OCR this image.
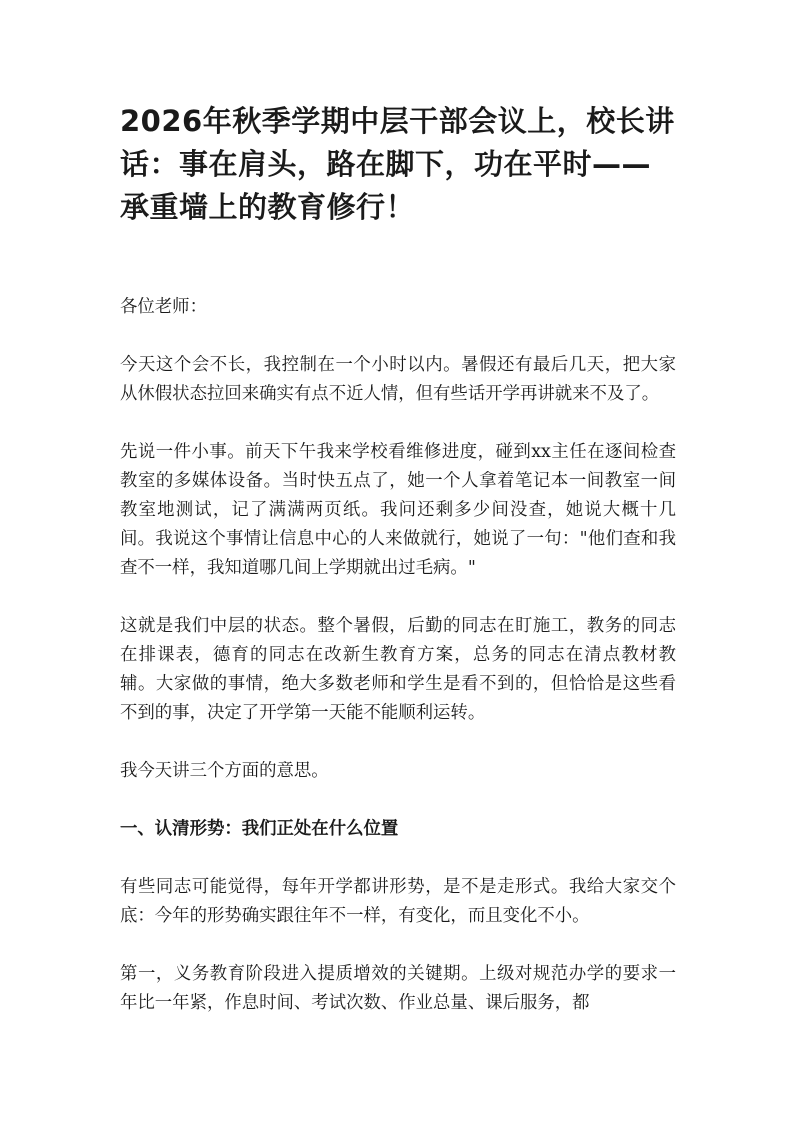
2026年秋季学期中层干部会议上，校长讲话：事在肩头，路在脚下，功在平时——承重墙上的教育修行！

各位老师：

今天这个会不长，我控制在一个小时以内。暑假还有最后几天，把大家从休假状态拉回来确实有点不近人情，但有些话开学再讲就来不及了。

先说一件小事。前天下午我来学校看维修进度，碰到xx主任在逐间检查教室的多媒体设备。当时快五点了，她一个人拿着笔记本一间教室一间教室地测试，记了满满两页纸。我问还剩多少间没查，她说大概十几间。我说这个事情让信息中心的人来做就行，她说了一句："他们查和我查不一样，我知道哪几间上学期就出过毛病。"

这就是我们中层的状态。整个暑假，后勤的同志在盯施工，教务的同志在排课表，德育的同志在改新生教育方案，总务的同志在清点教材教辅。大家做的事情，绝大多数老师和学生是看不到的，但恰恰是这些看不到的事，决定了开学第一天能不能顺利运转。

我今天讲三个方面的意思。

一、认清形势：我们正处在什么位置

有些同志可能觉得，每年开学都讲形势，是不是走形式。我给大家交个底：今年的形势确实跟往年不一样，有变化，而且变化不小。

第一，义务教育阶段进入提质增效的关键期。上级对规范办学的要求一年比一年紧，作息时间、考试次数、作业总量、课后服务，都
